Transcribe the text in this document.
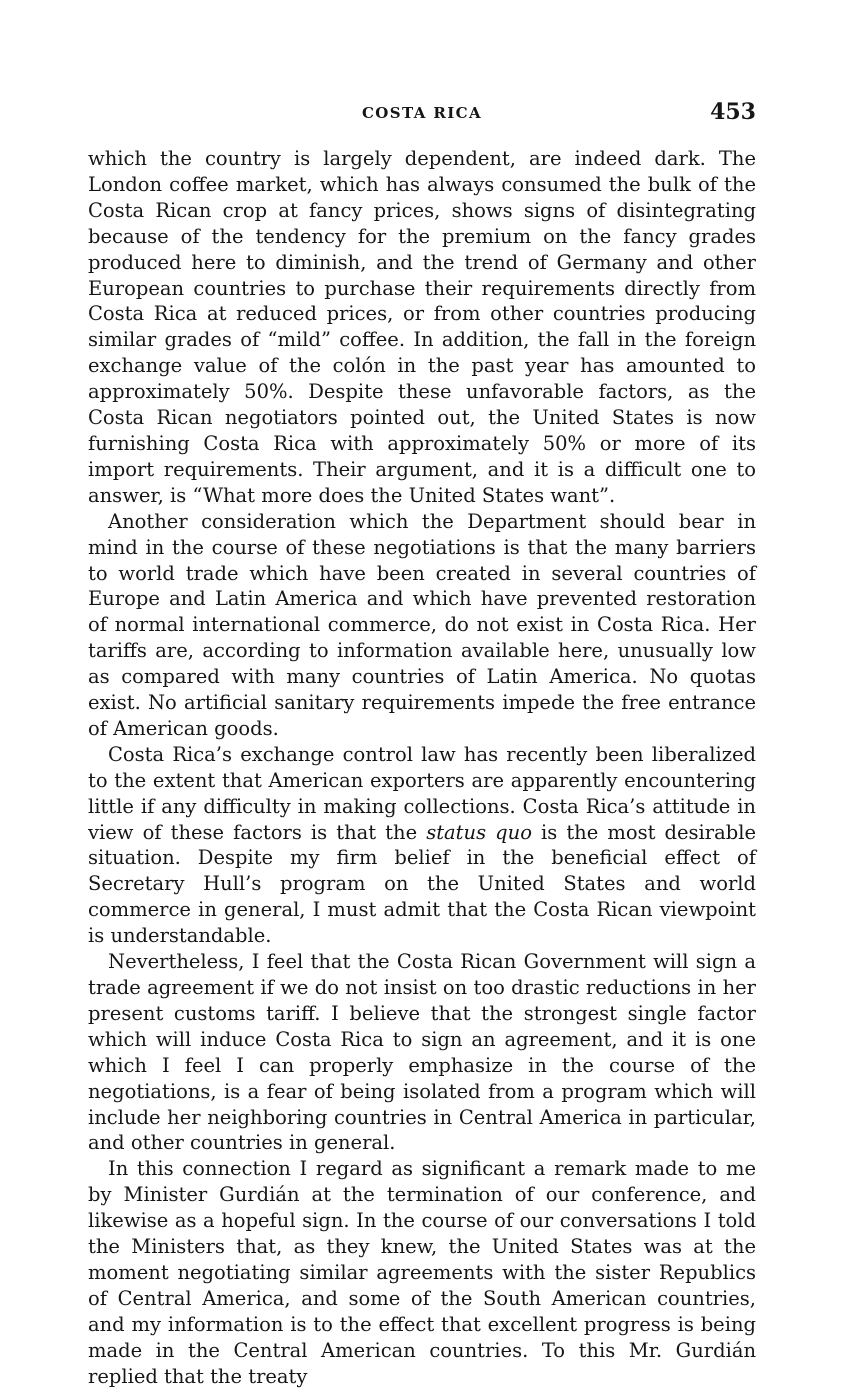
COSTA RICA	453

which the country is largely dependent, are indeed dark. The London coffee market, which has always consumed the bulk of the Costa Rican crop at fancy prices, shows signs of disintegrating because of the tendency for the premium on the fancy grades produced here to diminish, and the trend of Germany and other European countries to purchase their requirements directly from Costa Rica at reduced prices, or from other countries producing similar grades of “mild” coffee. In addition, the fall in the foreign exchange value of the colón in the past year has amounted to approximately 50%. Despite these unfavorable factors, as the Costa Rican negotiators pointed out, the United States is now furnishing Costa Rica with approximately 50% or more of its import requirements. Their argument, and it is a difficult one to answer, is “What more does the United States want”.

Another consideration which the Department should bear in mind in the course of these negotiations is that the many barriers to world trade which have been created in several countries of Europe and Latin America and which have prevented restoration of normal international commerce, do not exist in Costa Rica. Her tariffs are, according to information available here, unusually low as compared with many countries of Latin America. No quotas exist. No artificial sanitary requirements impede the free entrance of American goods.

Costa Rica’s exchange control law has recently been liberalized to the extent that American exporters are apparently encountering little if any difficulty in making collections. Costa Rica’s attitude in view of these factors is that the status quo is the most desirable situation. Despite my firm belief in the beneficial effect of Secretary Hull’s program on the United States and world commerce in general, I must admit that the Costa Rican viewpoint is understandable.

Nevertheless, I feel that the Costa Rican Government will sign a trade agreement if we do not insist on too drastic reductions in her present customs tariff. I believe that the strongest single factor which will induce Costa Rica to sign an agreement, and it is one which I feel I can properly emphasize in the course of the negotiations, is a fear of being isolated from a program which will include her neighboring countries in Central America in particular, and other countries in general.

In this connection I regard as significant a remark made to me by Minister Gurdián at the termination of our conference, and likewise as a hopeful sign. In the course of our conversations I told the Ministers that, as they knew, the United States was at the moment negotiating similar agreements with the sister Republics of Central America, and some of the South American countries, and my information is to the effect that excellent progress is being made in the Central American countries. To this Mr. Gurdián replied that the treaty
